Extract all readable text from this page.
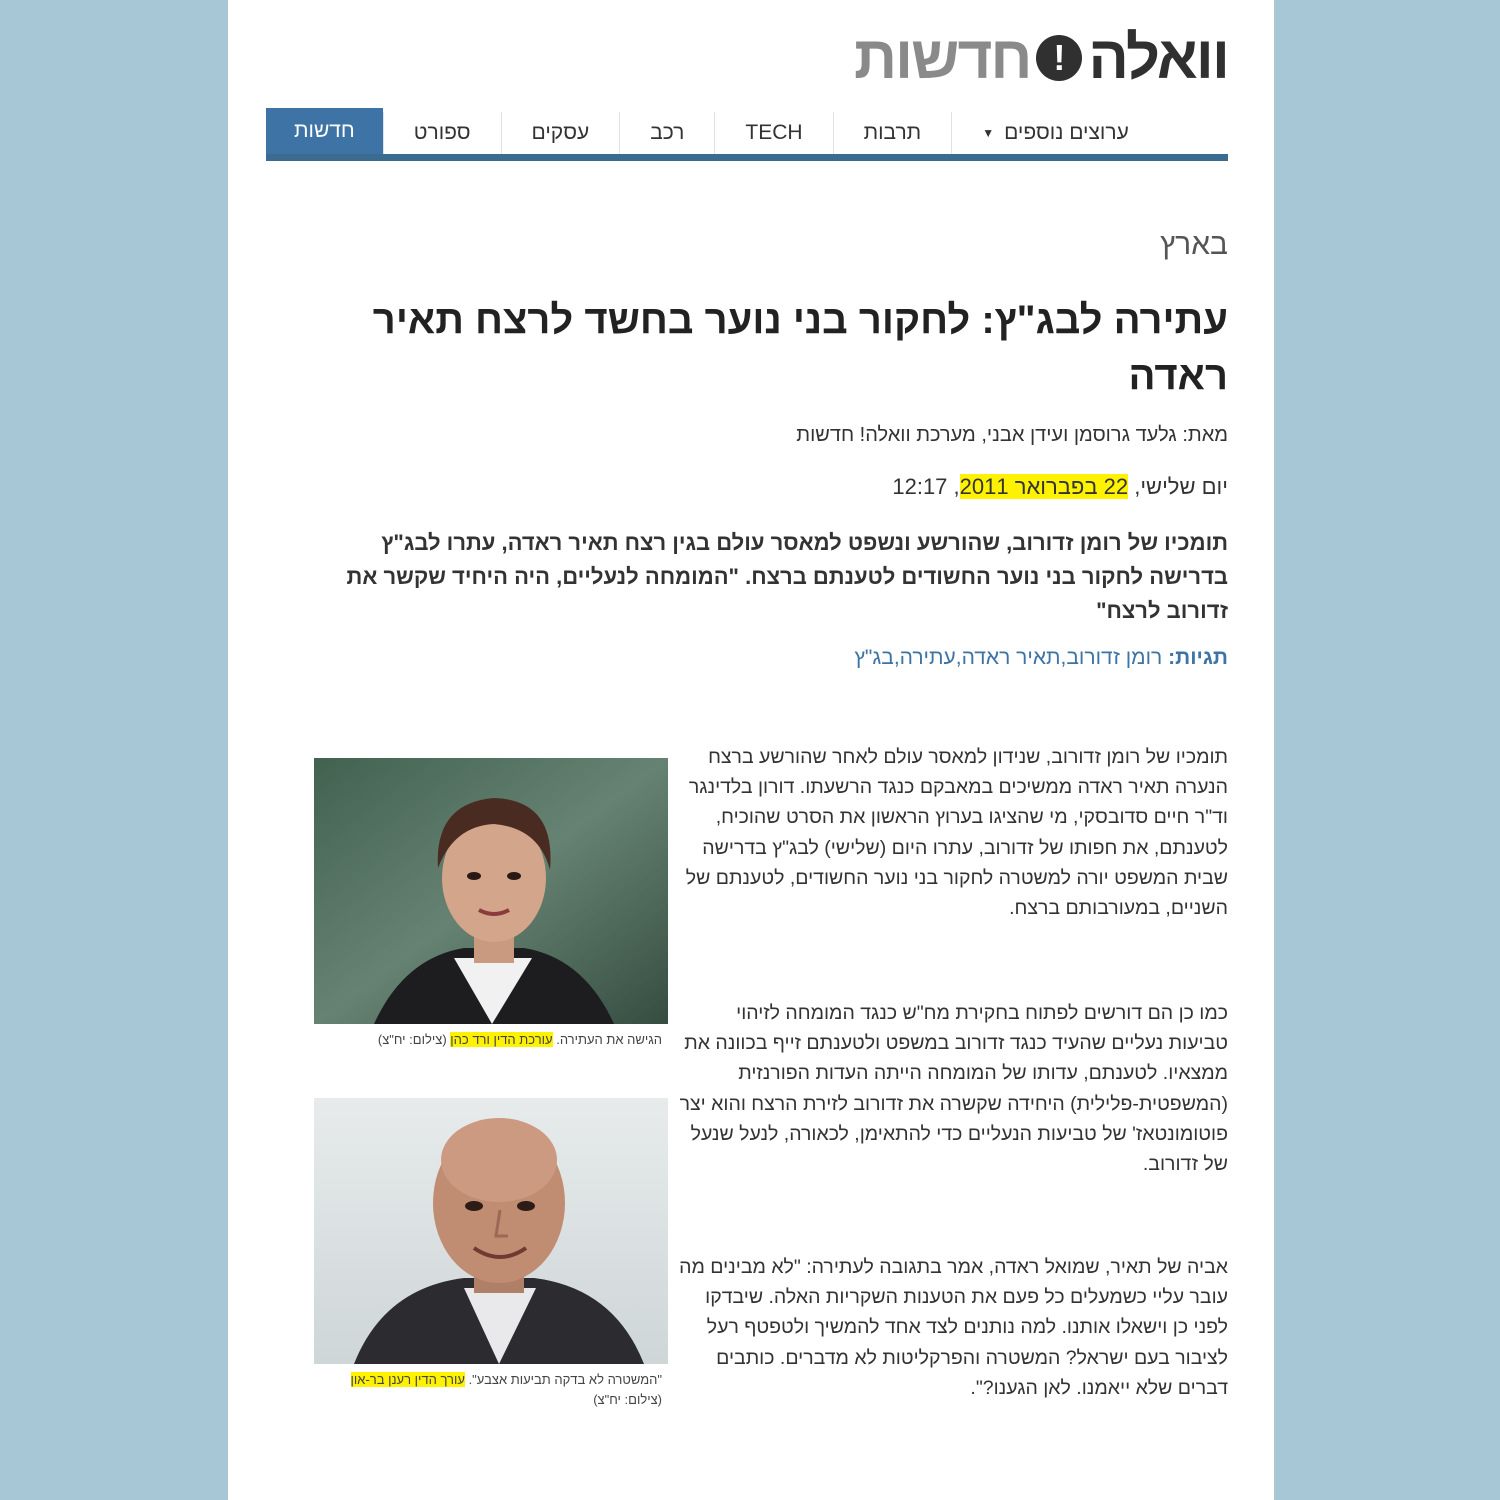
וואלה
!
חדשות
חדשות	ספורט	עסקים	רכב	TECH	תרבות	ערוצים נוספים
▼
בארץ
עתירה לבג"ץ: לחקור בני נוער בחשד לרצח תאיר ראדה
מאת: גלעד גרוסמן ועידן אבני, מערכת וואלה! חדשות
יום שלישי, 22 בפברואר 2011, 12:17
תומכיו של רומן זדורוב, שהורשע ונשפט למאסר עולם בגין רצח תאיר ראדה, עתרו לבג"ץ בדרישה לחקור בני נוער החשודים לטענתם ברצח. "המומחה לנעליים, היה היחיד שקשר את זדורוב לרצח"
תגיות: רומן זדורוב,תאיר ראדה,עתירה,בג"ץ

תומכיו של רומן זדורוב, שנידון למאסר עולם לאחר שהורשע ברצח הנערה תאיר ראדה ממשיכים במאבקם כנגד הרשעתו. דורון בלדינגר וד"ר חיים סדובסקי, מי שהציגו בערוץ הראשון את הסרט שהוכיח, לטענתם, את חפותו של זדורוב, עתרו היום (שלישי) לבג"ץ בדרישה שבית המשפט יורה למשטרה לחקור בני נוער החשודים, לטענתם של השניים, במעורבותם ברצח.

כמו כן הם דורשים לפתוח בחקירת מח"ש כנגד המומחה לזיהוי טביעות נעליים שהעיד כנגד זדורוב במשפט ולטענתם זייף בכוונה את ממצאיו. לטענתם, עדותו של המומחה הייתה העדות הפורנזית (המשפטית-פלילית) היחידה שקשרה את זדורוב לזירת הרצח והוא יצר פוטומונטאז' של טביעות הנעליים כדי להתאימן, לכאורה, לנעל שנעל של זדורוב.

אביה של תאיר, שמואל ראדה, אמר בתגובה לעתירה: "לא מבינים מה עובר עליי כשמעלים כל פעם את הטענות השקריות האלה. שיבדקו לפני כן וישאלו אותנו. למה נותנים לצד אחד להמשיך ולטפטף רעל לציבור בעם ישראל? המשטרה והפרקליטות לא מדברים. כותבים דברים שלא ייאמנו. לאן הגענו?".

הגישה את העתירה. עורכת הדין ורד כהן (צילום: יח"צ)
"המשטרה לא בדקה תביעות אצבע". עורך הדין רענן בר-און (צילום: יח"צ)
